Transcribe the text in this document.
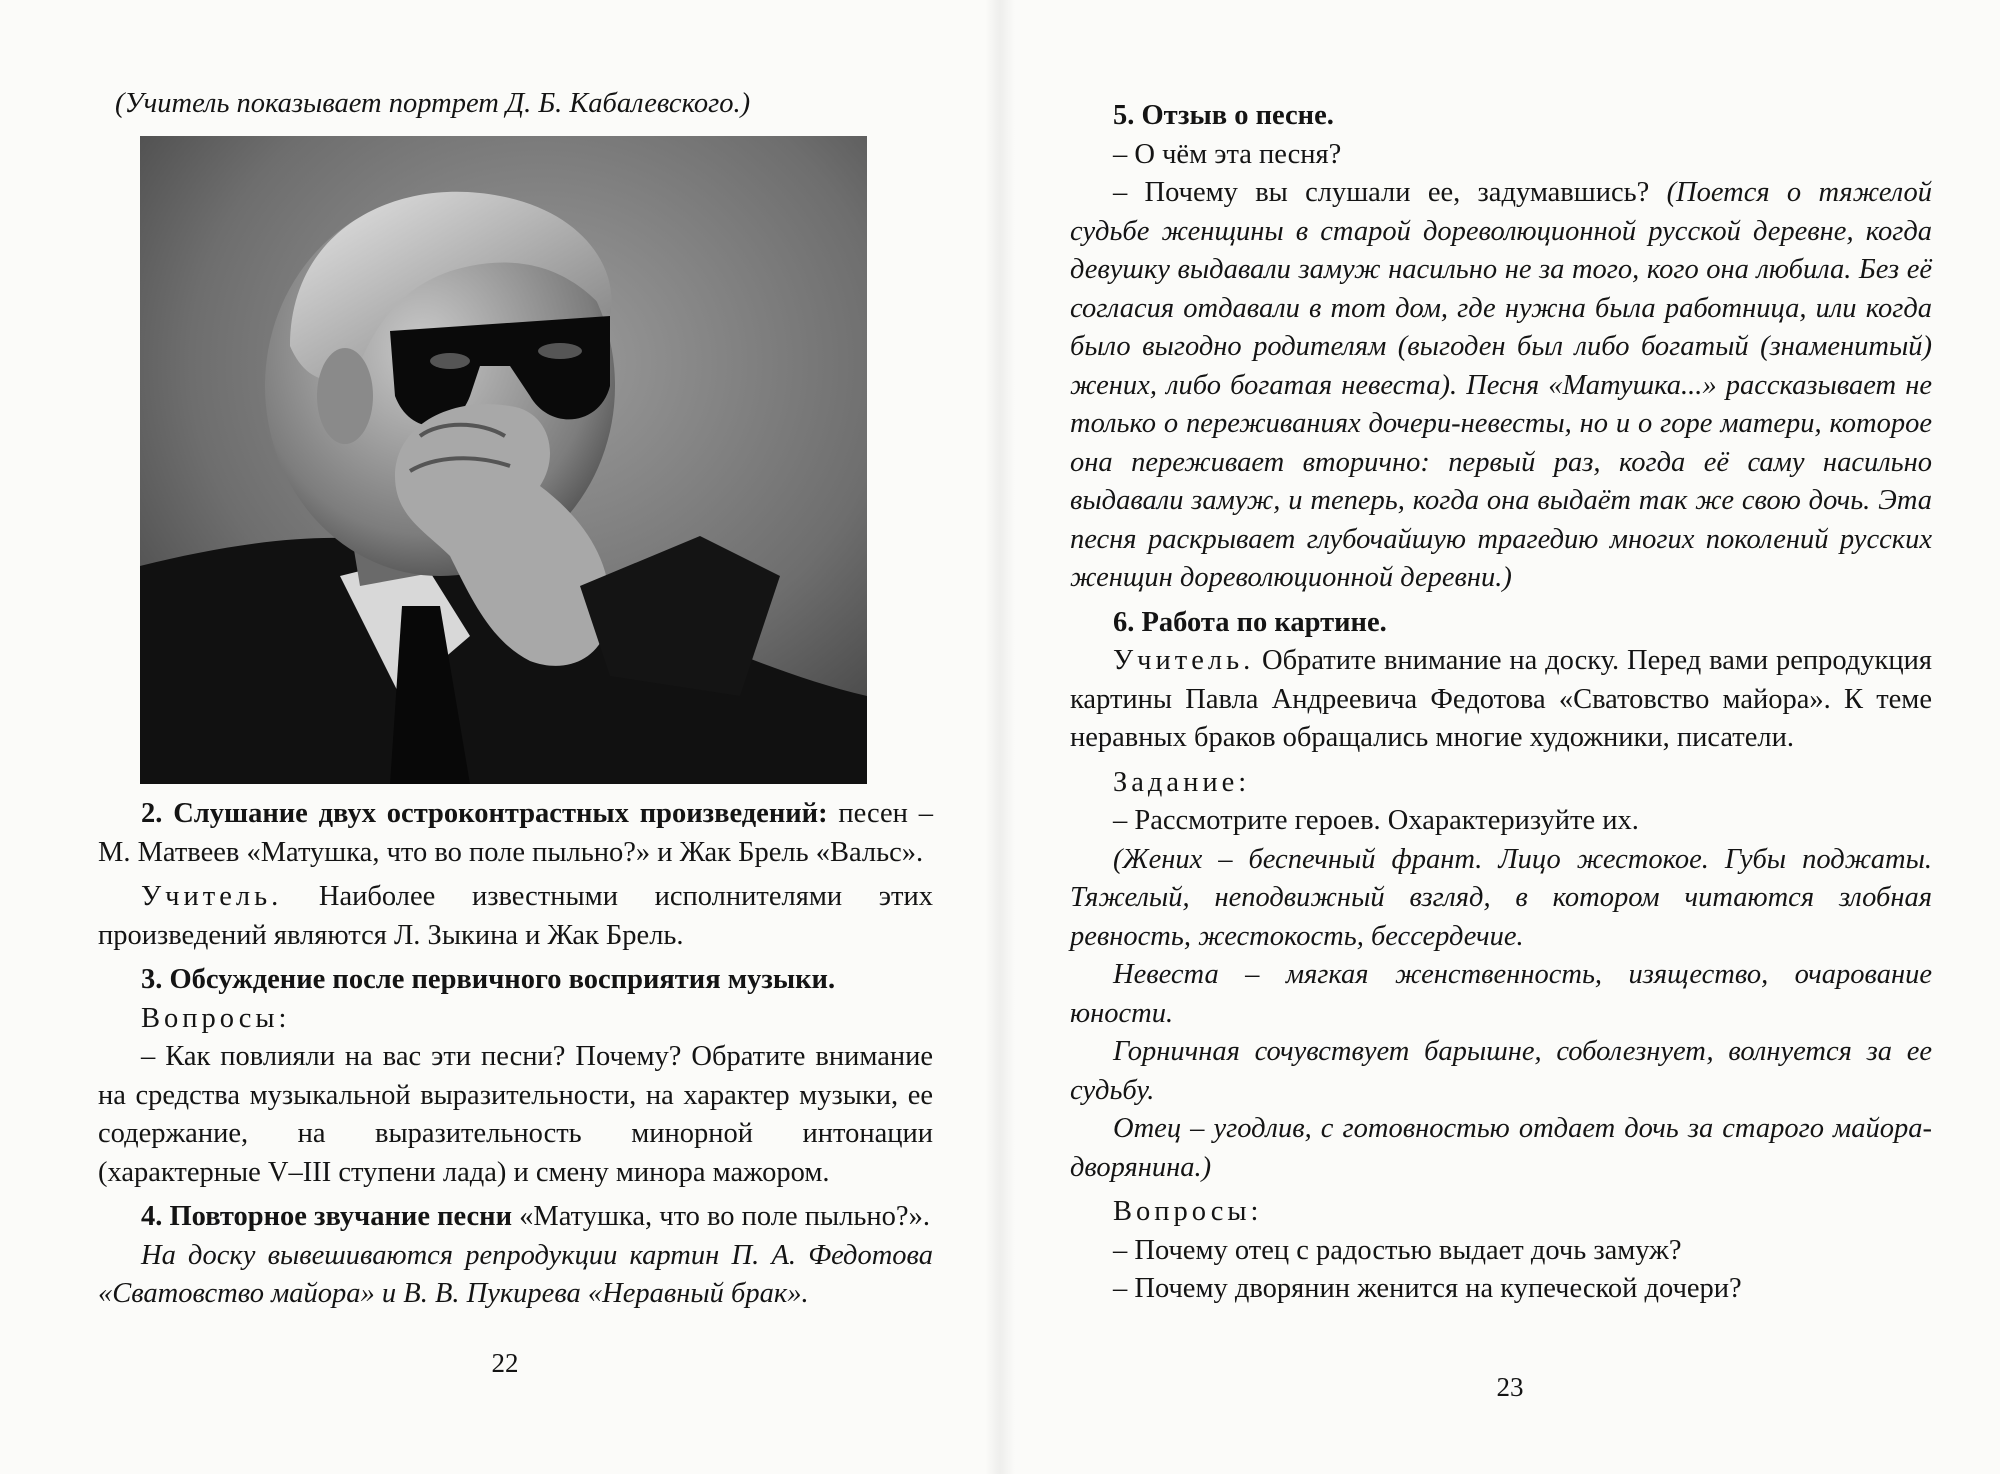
(Учитель показывает портрет Д. Б. Кабалевского.)

2. Слушание двух остроконтрастных произведений: песен – М. Матвеев «Матушка, что во поле пыльно?» и Жак Брель «Вальс».

Учитель. Наиболее известными исполнителями этих произведений являются Л. Зыкина и Жак Брель.

3. Обсуждение после первичного восприятия музыки.

Вопросы:

– Как повлияли на вас эти песни? Почему? Обратите внимание на средства музыкальной выразительности, на характер музыки, ее содержание, на выразительность минорной интонации (характерные V–III ступени лада) и смену минора мажором.

4. Повторное звучание песни «Матушка, что во поле пыльно?».

На доску вывешиваются репродукции картин П. А. Федотова «Сватовство майора» и В. В. Пукирева «Неравный брак».

22

5. Отзыв о песне.

– О чём эта песня?

– Почему вы слушали ее, задумавшись? (Поется о тяжелой судьбе женщины в старой дореволюционной русской деревне, когда девушку выдавали замуж насильно не за того, кого она любила. Без её согласия отдавали в тот дом, где нужна была работница, или когда было выгодно родителям (выгоден был либо богатый (знаменитый) жених, либо богатая невеста). Песня «Матушка...» рассказывает не только о переживаниях дочери-невесты, но и о горе матери, которое она переживает вторично: первый раз, когда её саму насильно выдавали замуж, и теперь, когда она выдаёт так же свою дочь. Эта песня раскрывает глубочайшую трагедию многих поколений русских женщин дореволюционной деревни.)

6. Работа по картине.

Учитель. Обратите внимание на доску. Перед вами репродукция картины Павла Андреевича Федотова «Сватовство майора». К теме неравных браков обращались многие художники, писатели.

Задание:

– Рассмотрите героев. Охарактеризуйте их.

(Жених – беспечный франт. Лицо жестокое. Губы поджаты. Тяжелый, неподвижный взгляд, в котором читаются злобная ревность, жестокость, бессердечие.

Невеста – мягкая женственность, изящество, очарование юности.

Горничная сочувствует барышне, соболезнует, волнуется за ее судьбу.

Отец – угодлив, с готовностью отдает дочь за старого майора-дворянина.)

Вопросы:

– Почему отец с радостью выдает дочь замуж?

– Почему дворянин женится на купеческой дочери?

23
